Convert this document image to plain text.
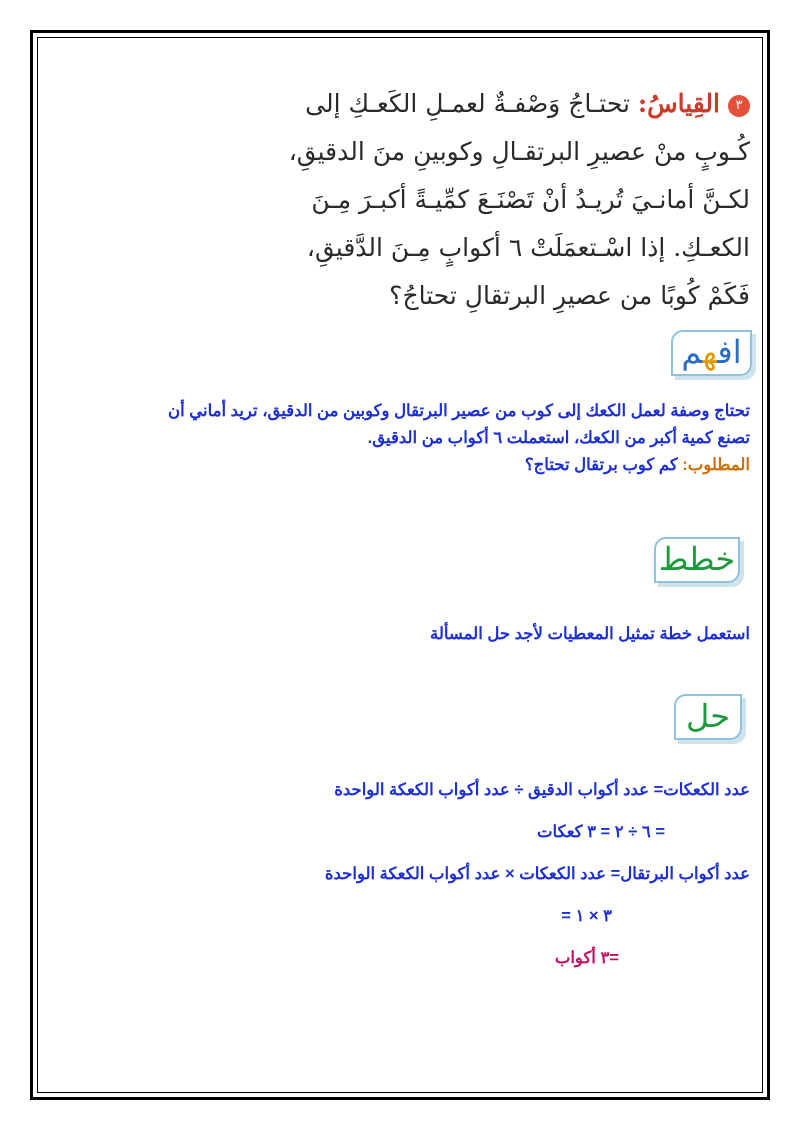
٣القِياسُ: تحتـاجُ وَصْفـةٌ لعمـلِ الكَعـكِ إلى
كُـوبٍ منْ عصيرِ البرتقـالِ وكوبينِ منَ الدقيقِ،
لكـنَّ أمانـيَ تُريـدُ أنْ تَصْنَـعَ كمِّيـةً أكبـرَ مِـنَ
الكعـكِ. إذا اسْـتعمَلَتْ ٦ أكوابٍ مِـنَ الدَّقيقِ،
فَكَمْ كُوبًا من عصيرِ البرتقالِ تحتاجُ؟
افهم
تحتاج وصفة لعمل الكعك إلى كوب من عصير البرتقال وكوبين من الدقيق، تريد أماني أن
تصنع كمية أكبر من الكعك، استعملت ٦ أكواب من الدقيق.
المطلوب: كم كوب برتقال تحتاج؟
خطط
استعمل خطة تمثيل المعطيات لأجد حل المسألة
حل
عدد الكعكات= عدد أكواب الدقيق ÷ عدد أكواب الكعكة الواحدة
= ٦ ÷ ٢ = ٣ كعكات
عدد أكواب البرتقال= عدد الكعكات × عدد أكواب الكعكة الواحدة
٣ × ١ =
=٣ أكواب
